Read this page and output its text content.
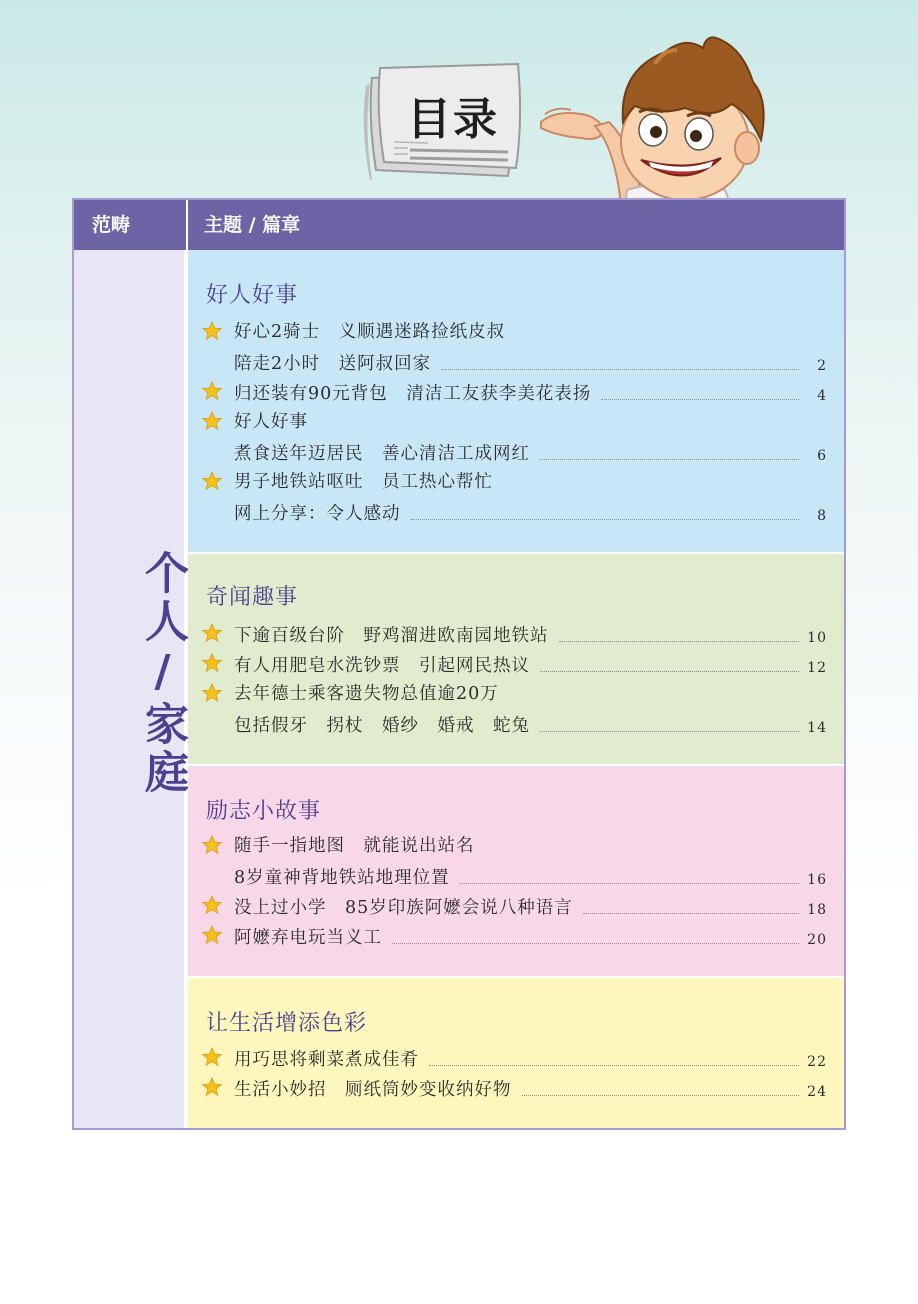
目录
范畴	主题 / 篇章
个人/家庭
好人好事
好心2骑士　义顺遇迷路捡纸皮叔
陪走2小时　送阿叔回家	2
归还装有90元背包　清洁工友获李美花表扬	4
好人好事
煮食送年迈居民　善心清洁工成网红	6
男子地铁站呕吐　员工热心帮忙
网上分享：令人感动	8
奇闻趣事
下逾百级台阶　野鸡溜进欧南园地铁站	10
有人用肥皂水洗钞票　引起网民热议	12
去年德士乘客遗失物总值逾20万
包括假牙　拐杖　婚纱　婚戒　蛇兔	14
励志小故事
随手一指地图　就能说出站名
8岁童神背地铁站地理位置	16
没上过小学　85岁印族阿嬷会说八种语言	18
阿嬷弃电玩当义工	20
让生活增添色彩
用巧思将剩菜煮成佳肴	22
生活小妙招　厕纸筒妙变收纳好物	24
